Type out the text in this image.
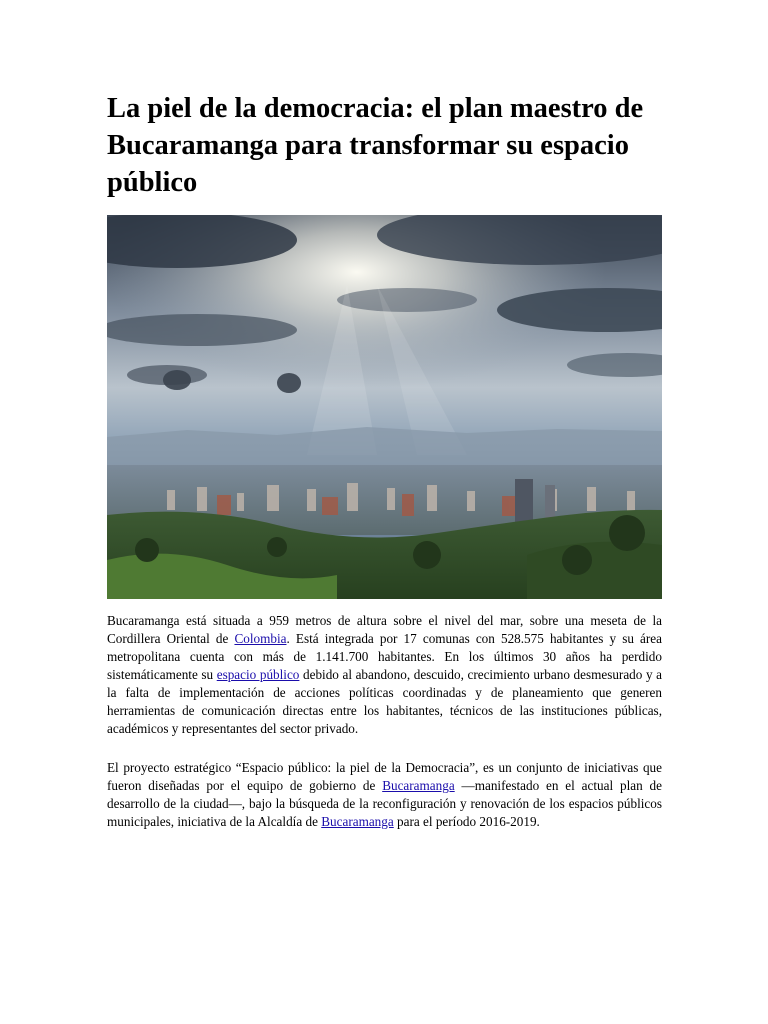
La piel de la democracia: el plan maestro de Bucaramanga para transformar su espacio público

Bucaramanga está situada a 959 metros de altura sobre el nivel del mar, sobre una meseta de la Cordillera Oriental de Colombia. Está integrada por 17 comunas con 528.575 habitantes y su área metropolitana cuenta con más de 1.141.700 habitantes. En los últimos 30 años ha perdido sistemáticamente su espacio público debido al abandono, descuido, crecimiento urbano desmesurado y a la falta de implementación de acciones políticas coordinadas y de planeamiento que generen herramientas de comunicación directas entre los habitantes, técnicos de las instituciones públicas, académicos y representantes del sector privado.

El proyecto estratégico “Espacio público: la piel de la Democracia”, es un conjunto de iniciativas que fueron diseñadas por el equipo de gobierno de Bucaramanga —manifestado en el actual plan de desarrollo de la ciudad—, bajo la búsqueda de la reconfiguración y renovación de los espacios públicos municipales, iniciativa de la Alcaldía de Bucaramanga para el período 2016-2019.
